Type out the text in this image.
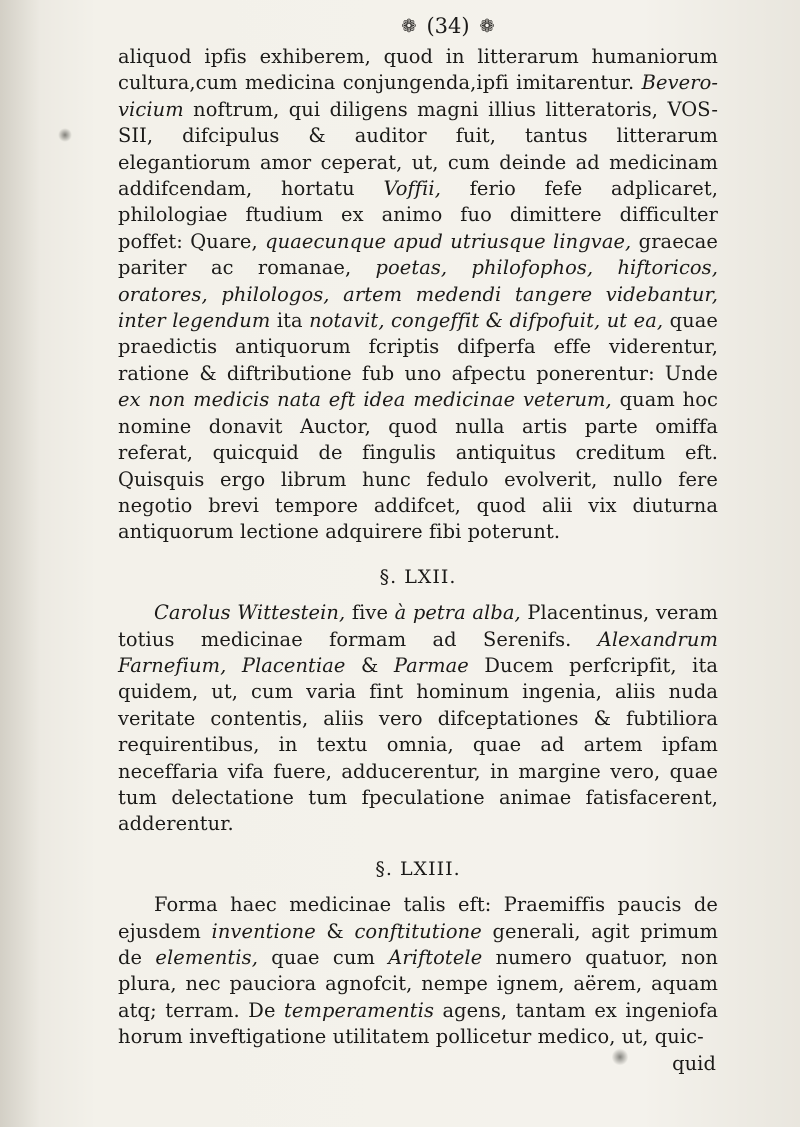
❁ (34) ❁

aliquod ipfis exhiberem, quod in litterarum humaniorum cultura,cum medicina conjungenda,ipfi imitarentur. Bevero-vicium noftrum, qui diligens magni illius litteratoris, VOS-SII, difcipulus & auditor fuit, tantus litterarum elegantiorum amor ceperat, ut, cum deinde ad medicinam addifcendam, hortatu Voffii, ferio fefe adplicaret, philologiae ftudium ex animo fuo dimittere difficulter poffet: Quare, quaecunque apud utriusque lingvae, graecae pariter ac romanae, poetas, philofophos, hiftoricos, oratores, philologos, artem medendi tangere videbantur, inter legendum ita notavit, congeffit & difpofuit, ut ea, quae praedictis antiquorum fcriptis difperfa effe viderentur, ratione & diftributione fub uno afpectu ponerentur: Unde ex non medicis nata eft idea medicinae veterum, quam hoc nomine donavit Auctor, quod nulla artis parte omiffa referat, quicquid de fingulis antiquitus creditum eft. Quisquis ergo librum hunc fedulo evolverit, nullo fere negotio brevi tempore addifcet, quod alii vix diuturna antiquorum lectione adquirere fibi poterunt.

§. LXII.

Carolus Wittestein, five à petra alba, Placentinus, veram totius medicinae formam ad Serenifs. Alexandrum Farnefium, Placentiae & Parmae Ducem perfcripfit, ita quidem, ut, cum varia fint hominum ingenia, aliis nuda veritate contentis, aliis vero difceptationes & fubtiliora requirentibus, in textu omnia, quae ad artem ipfam neceffaria vifa fuere, adducerentur, in margine vero, quae tum delectatione tum fpeculatione animae fatisfacerent, adderentur.

§. LXIII.

Forma haec medicinae talis eft: Praemiffis paucis de ejusdem inventione & conftitutione generali, agit primum de elementis, quae cum Ariftotele numero quatuor, non plura, nec pauciora agnofcit, nempe ignem, aërem, aquam atq; terram. De temperamentis agens, tantam ex ingeniofa horum inveftigatione utilitatem pollicetur medico, ut, quic-

quid
